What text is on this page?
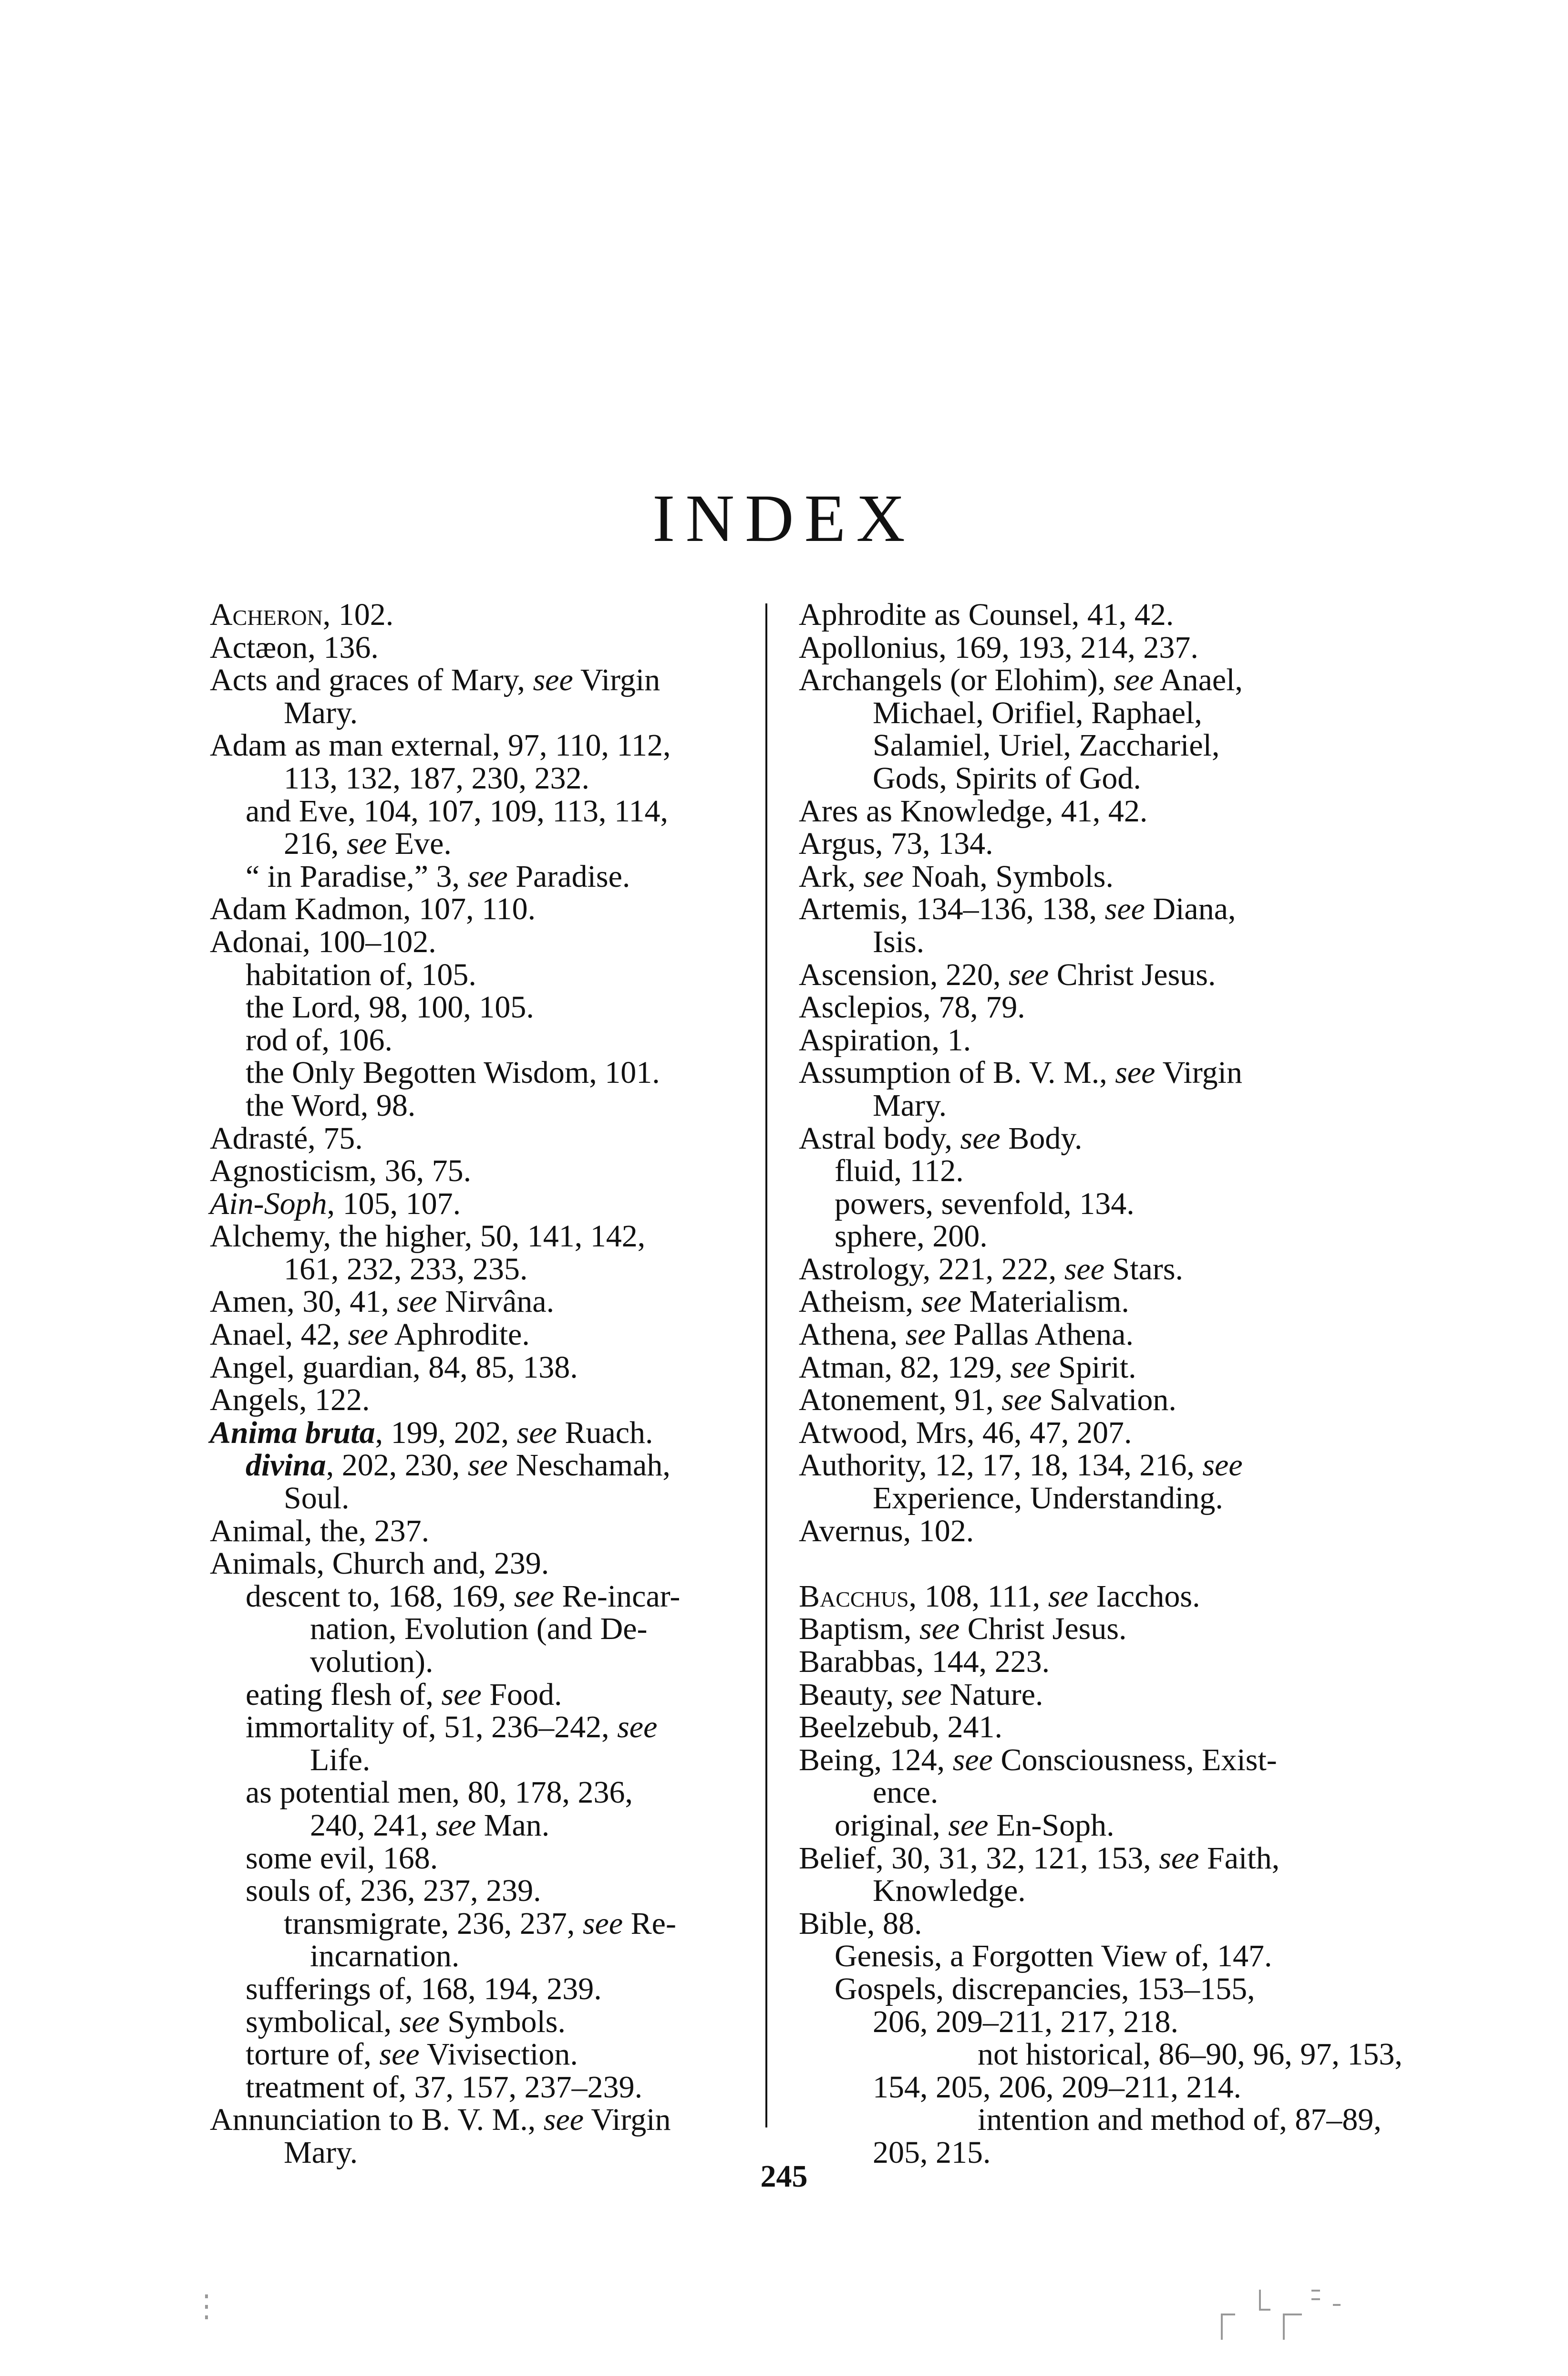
INDEX
Acheron, 102.
Actæon, 136.
Acts and graces of Mary, see Virgin
Mary.
Adam as man external, 97, 110, 112,
113, 132, 187, 230, 232.
and Eve, 104, 107, 109, 113, 114,
216, see Eve.
“ in Paradise,” 3, see Paradise.
Adam Kadmon, 107, 110.
Adonai, 100–102.
habitation of, 105.
the Lord, 98, 100, 105.
rod of, 106.
the Only Begotten Wisdom, 101.
the Word, 98.
Adrasté, 75.
Agnosticism, 36, 75.
Ain-Soph, 105, 107.
Alchemy, the higher, 50, 141, 142,
161, 232, 233, 235.
Amen, 30, 41, see Nirvâna.
Anael, 42, see Aphrodite.
Angel, guardian, 84, 85, 138.
Angels, 122.
Anima bruta, 199, 202, see Ruach.
divina, 202, 230, see Neschamah,
Soul.
Animal, the, 237.
Animals, Church and, 239.
descent to, 168, 169, see Re-incar-
nation, Evolution (and De-
volution).
eating flesh of, see Food.
immortality of, 51, 236–242, see
Life.
as potential men, 80, 178, 236,
240, 241, see Man.
some evil, 168.
souls of, 236, 237, 239.
transmigrate, 236, 237, see Re-
incarnation.
sufferings of, 168, 194, 239.
symbolical, see Symbols.
torture of, see Vivisection.
treatment of, 37, 157, 237–239.
Annunciation to B. V. M., see Virgin
Mary.
Aphrodite as Counsel, 41, 42.
Apollonius, 169, 193, 214, 237.
Archangels (or Elohim), see Anael,
Michael, Orifiel, Raphael,
Salamiel, Uriel, Zacchariel,
Gods, Spirits of God.
Ares as Knowledge, 41, 42.
Argus, 73, 134.
Ark, see Noah, Symbols.
Artemis, 134–136, 138, see Diana,
Isis.
Ascension, 220, see Christ Jesus.
Asclepios, 78, 79.
Aspiration, 1.
Assumption of B. V. M., see Virgin
Mary.
Astral body, see Body.
fluid, 112.
powers, sevenfold, 134.
sphere, 200.
Astrology, 221, 222, see Stars.
Atheism, see Materialism.
Athena, see Pallas Athena.
Atman, 82, 129, see Spirit.
Atonement, 91, see Salvation.
Atwood, Mrs, 46, 47, 207.
Authority, 12, 17, 18, 134, 216, see
Experience, Understanding.
Avernus, 102.
Bacchus, 108, 111, see Iacchos.
Baptism, see Christ Jesus.
Barabbas, 144, 223.
Beauty, see Nature.
Beelzebub, 241.
Being, 124, see Consciousness, Exist-
ence.
original, see En-Soph.
Belief, 30, 31, 32, 121, 153, see Faith,
Knowledge.
Bible, 88.
Genesis, a Forgotten View of, 147.
Gospels, discrepancies, 153–155,
206, 209–211, 217, 218.
not historical, 86–90, 96, 97, 153,
154, 205, 206, 209–211, 214.
intention and method of, 87–89,
205, 215.
245
